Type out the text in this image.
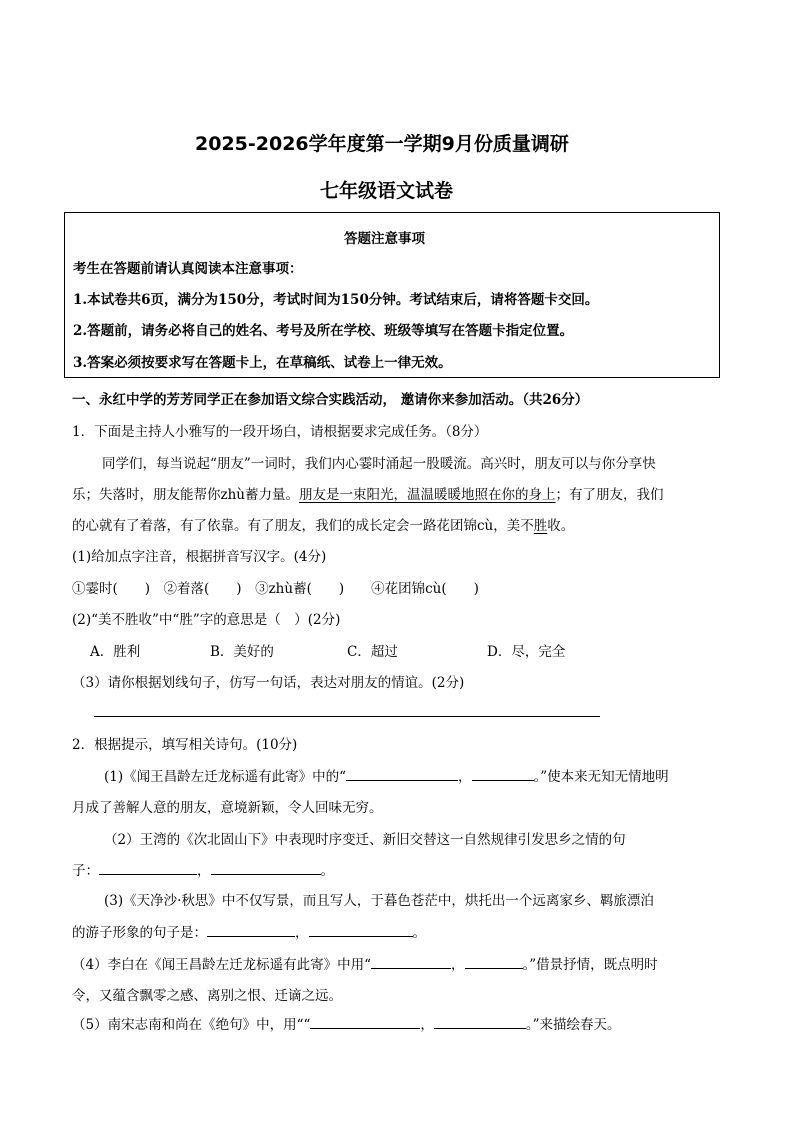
2025-2026学年度第一学期9月份质量调研
七年级语文试卷
答题注意事项
考生在答题前请认真阅读本注意事项：
1.本试卷共6页，满分为150分，考试时间为150分钟。考试结束后，请将答题卡交回。
2.答题前，请务必将自己的姓名、考号及所在学校、班级等填写在答题卡指定位置。
3.答案必须按要求写在答题卡上，在草稿纸、试卷上一律无效。
一、永红中学的芳芳同学正在参加语文综合实践活动， 邀请你来参加活动。（共26分）
1．下面是主持人小雅写的一段开场白，请根据要求完成任务。（8分）
同学们，每当说起“朋友”一词时，我们内心霎时涌起一股暖流。高兴时，朋友可以与你分享快
乐；失落时，朋友能帮你zhù蓄力量。朋友是一束阳光，温温暖暖地照在你的身上；有了朋友，我们
的心就有了着落，有了依靠。有了朋友，我们的成长定会一路花团锦cù，美不胜收。
(1)给加点字注音，根据拼音写汉字。(4分)
①霎时(　　)　②着落(　　)　③zhù蓄(　　)　　④花团锦cù(　　)
(2)“美不胜收”中“胜”字的意思是（　）(2分)
A．胜利	B．美好的	C．超过	D．尽，完全
（3）请你根据划线句子，仿写一句话，表达对朋友的情谊。(2分)
2．根据提示，填写相关诗句。(10分)
(1)《闻王昌龄左迁龙标遥有此寄》中的“	，	。”使本来无知无情地明
月成了善解人意的朋友，意境新颖，令人回味无穷。
（2）王湾的《次北固山下》中表现时序变迁、新旧交替这一自然规律引发思乡之情的句
子：	，	。
(3)《天净沙·秋思》中不仅写景，而且写人，于暮色苍茫中，烘托出一个远离家乡、羁旅漂泊
的游子形象的句子是：	，	。
（4）李白在《闻王昌龄左迁龙标遥有此寄》中用“	，	。”借景抒情，既点明时
令，又蕴含飘零之感、离别之恨、迁谪之远。
（5）南宋志南和尚在《绝句》中，用““	，	。”来描绘春天。
